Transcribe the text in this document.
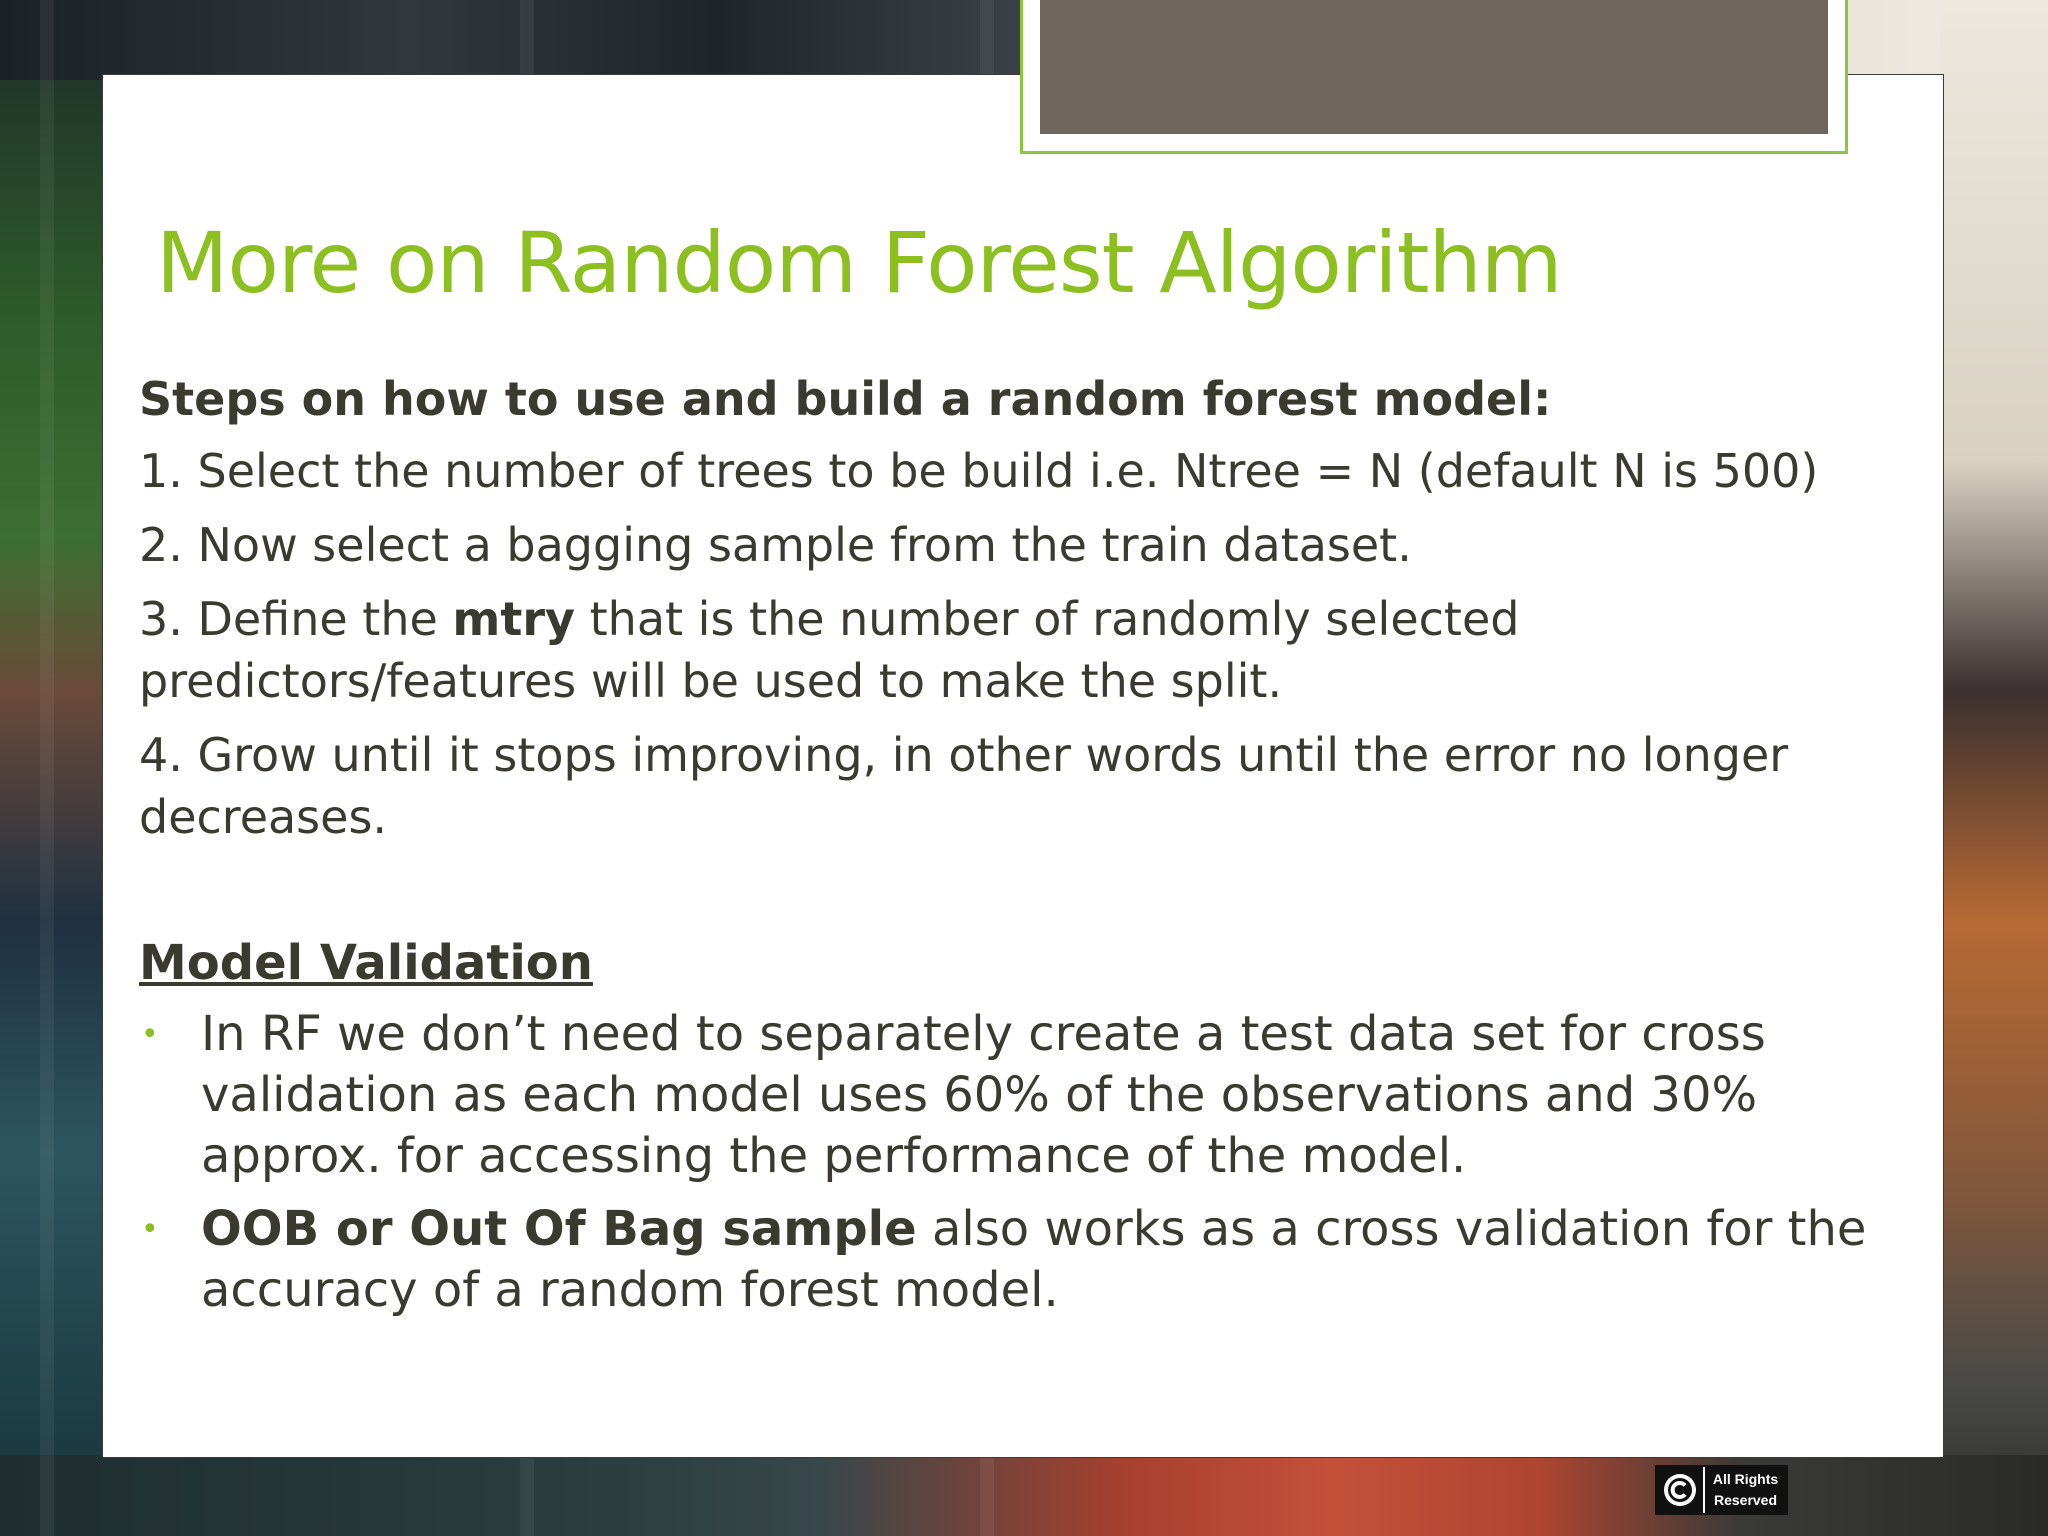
More on Random Forest Algorithm

Steps on how to use and build a random forest model:

1. Select the number of trees to be build i.e. Ntree = N (default N is 500)

2. Now select a bagging sample from the train dataset.

3. Define the mtry that is the number of randomly selected predictors/features will be used to make the split.

4. Grow until it stops improving, in other words until the error no longer decreases.

Model Validation

• In RF we don’t need to separately create a test data set for cross validation as each model uses 60% of the observations and 30% approx. for accessing the performance of the model.
• OOB or Out Of Bag sample also works as a cross validation for the accuracy of a random forest model.
All Rights
Reserved
